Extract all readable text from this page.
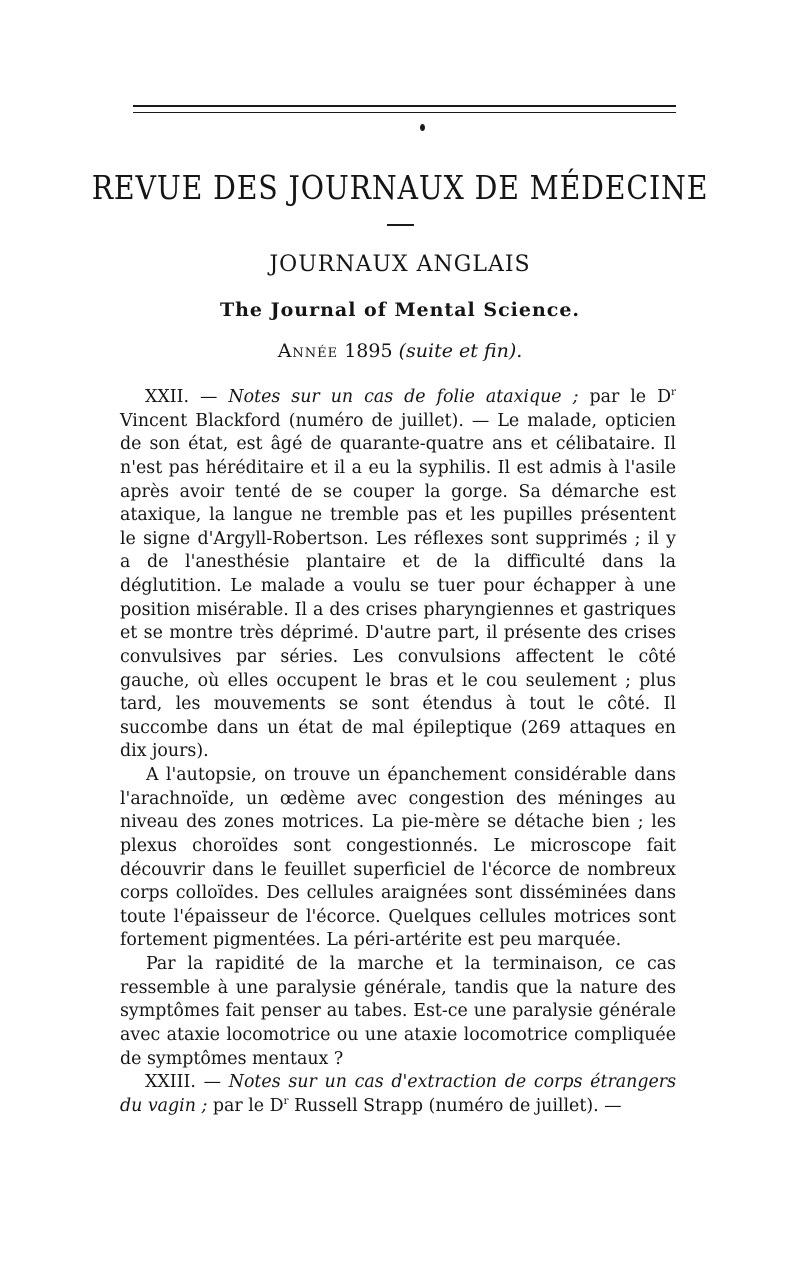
REVUE DES JOURNAUX DE MÉDECINE
JOURNAUX ANGLAIS
The Journal of Mental Science.
Année 1895 (suite et fin).

XXII. — Notes sur un cas de folie ataxique ; par le $D^r$ Vincent Blackford (numéro de juillet). — Le malade, opticien de son état, est âgé de quarante-quatre ans et célibataire. Il n'est pas héréditaire et il a eu la syphilis. Il est admis à l'asile après avoir tenté de se couper la gorge. Sa démarche est ataxique, la langue ne tremble pas et les pupilles présentent le signe d'Argyll-Robertson. Les réflexes sont supprimés ; il y a de l'anesthésie plantaire et de la difficulté dans la déglutition. Le malade a voulu se tuer pour échapper à une position misérable. Il a des crises pharyngiennes et gastriques et se montre très déprimé. D'autre part, il présente des crises convulsives par séries. Les convulsions affectent le côté gauche, où elles occupent le bras et le cou seulement ; plus tard, les mouvements se sont étendus à tout le côté. Il succombe dans un état de mal épileptique (269 attaques en dix jours).

A l'autopsie, on trouve un épanchement considérable dans l'arachnoïde, un œdème avec congestion des méninges au niveau des zones motrices. La pie-mère se détache bien ; les plexus choroïdes sont congestionnés. Le microscope fait découvrir dans le feuillet superficiel de l'écorce de nombreux corps colloïdes. Des cellules araignées sont disséminées dans toute l'épaisseur de l'écorce. Quelques cellules motrices sont fortement pigmentées. La péri-artérite est peu marquée.

Par la rapidité de la marche et la terminaison, ce cas ressemble à une paralysie générale, tandis que la nature des symptômes fait penser au tabes. Est-ce une paralysie générale avec ataxie locomotrice ou une ataxie locomotrice compliquée de symptômes mentaux ?

XXIII. — Notes sur un cas d'extraction de corps étrangers du vagin ; par le $D^r$ Russell Strapp (numéro de juillet). —
